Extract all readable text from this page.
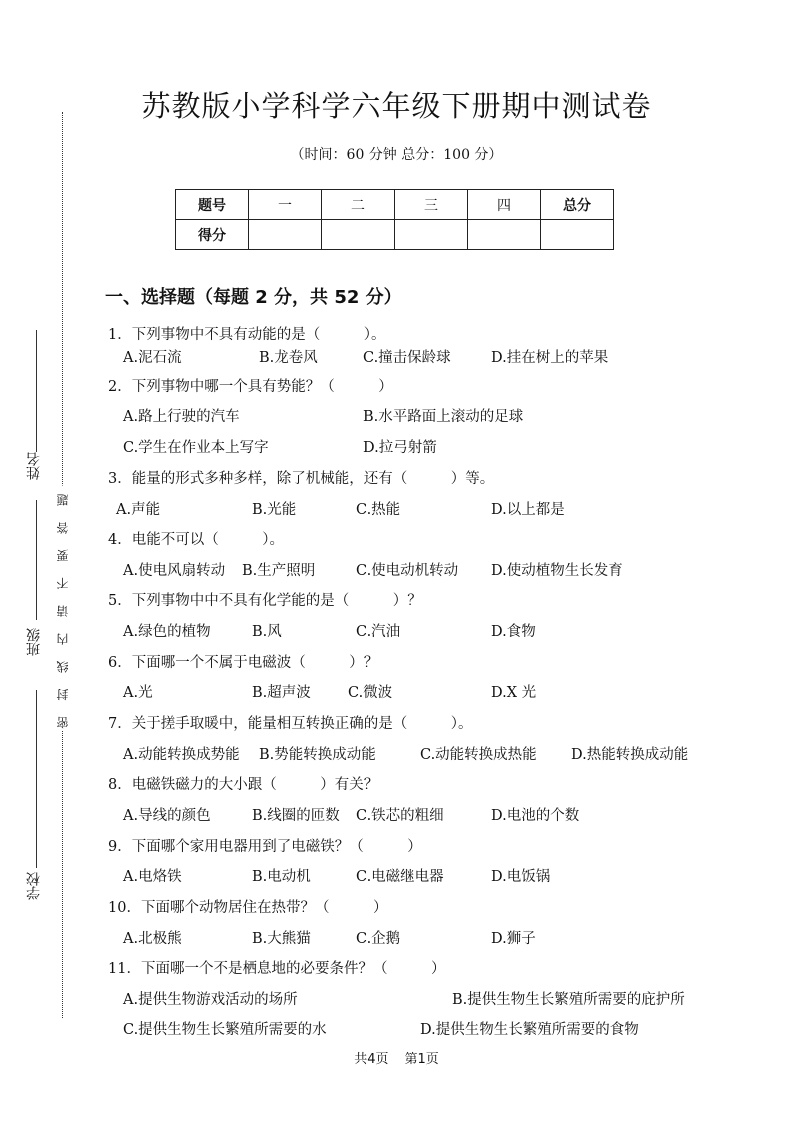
姓名
班级
学校
密 封 线 内 请 不 要 答 题
苏教版小学科学六年级下册期中测试卷
（时间：60 分钟 总分：100 分）
题号	一	二	三	四	总分
得分					
一、选择题（每题 2 分，共 52 分）
1．下列事物中不具有动能的是（　　　）。
A.泥石流	B.龙卷风	C.撞击保龄球	D.挂在树上的苹果
2．下列事物中哪一个具有势能？（　　　）
A.路上行驶的汽车	B.水平路面上滚动的足球
C.学生在作业本上写字	D.拉弓射箭
3．能量的形式多种多样，除了机械能，还有（　　　）等。
A.声能	B.光能	C.热能	D.以上都是
4．电能不可以（　　　）。
A.使电风扇转动 B.生产照明	C.使电动机转动 D.使动植物生长发育
5．下列事物中中不具有化学能的是（　　　）？
A.绿色的植物	B.风	C.汽油	D.食物
6．下面哪一个不属于电磁波（　　　）？
A.光	B.超声波	C.微波	D.X 光
7．关于搓手取暖中，能量相互转换正确的是（　　　）。
A.动能转换成势能 B.势能转换成动能	C.动能转换成热能 D.热能转换成动能
8．电磁铁磁力的大小跟（　　　）有关？
A.导线的颜色	B.线圈的匝数 C.铁芯的粗细	D.电池的个数
9．下面哪个家用电器用到了电磁铁？（　　　）
A.电烙铁	B.电动机	C.电磁继电器	D.电饭锅
10．下面哪个动物居住在热带？（　　　）
A.北极熊	B.大熊猫	C.企鹅	D.狮子
11．下面哪一个不是栖息地的必要条件？（　　　）
A.提供生物游戏活动的场所	B.提供生物生长繁殖所需要的庇护所
C.提供生物生长繁殖所需要的水	D.提供生物生长繁殖所需要的食物
共4页 第1页
